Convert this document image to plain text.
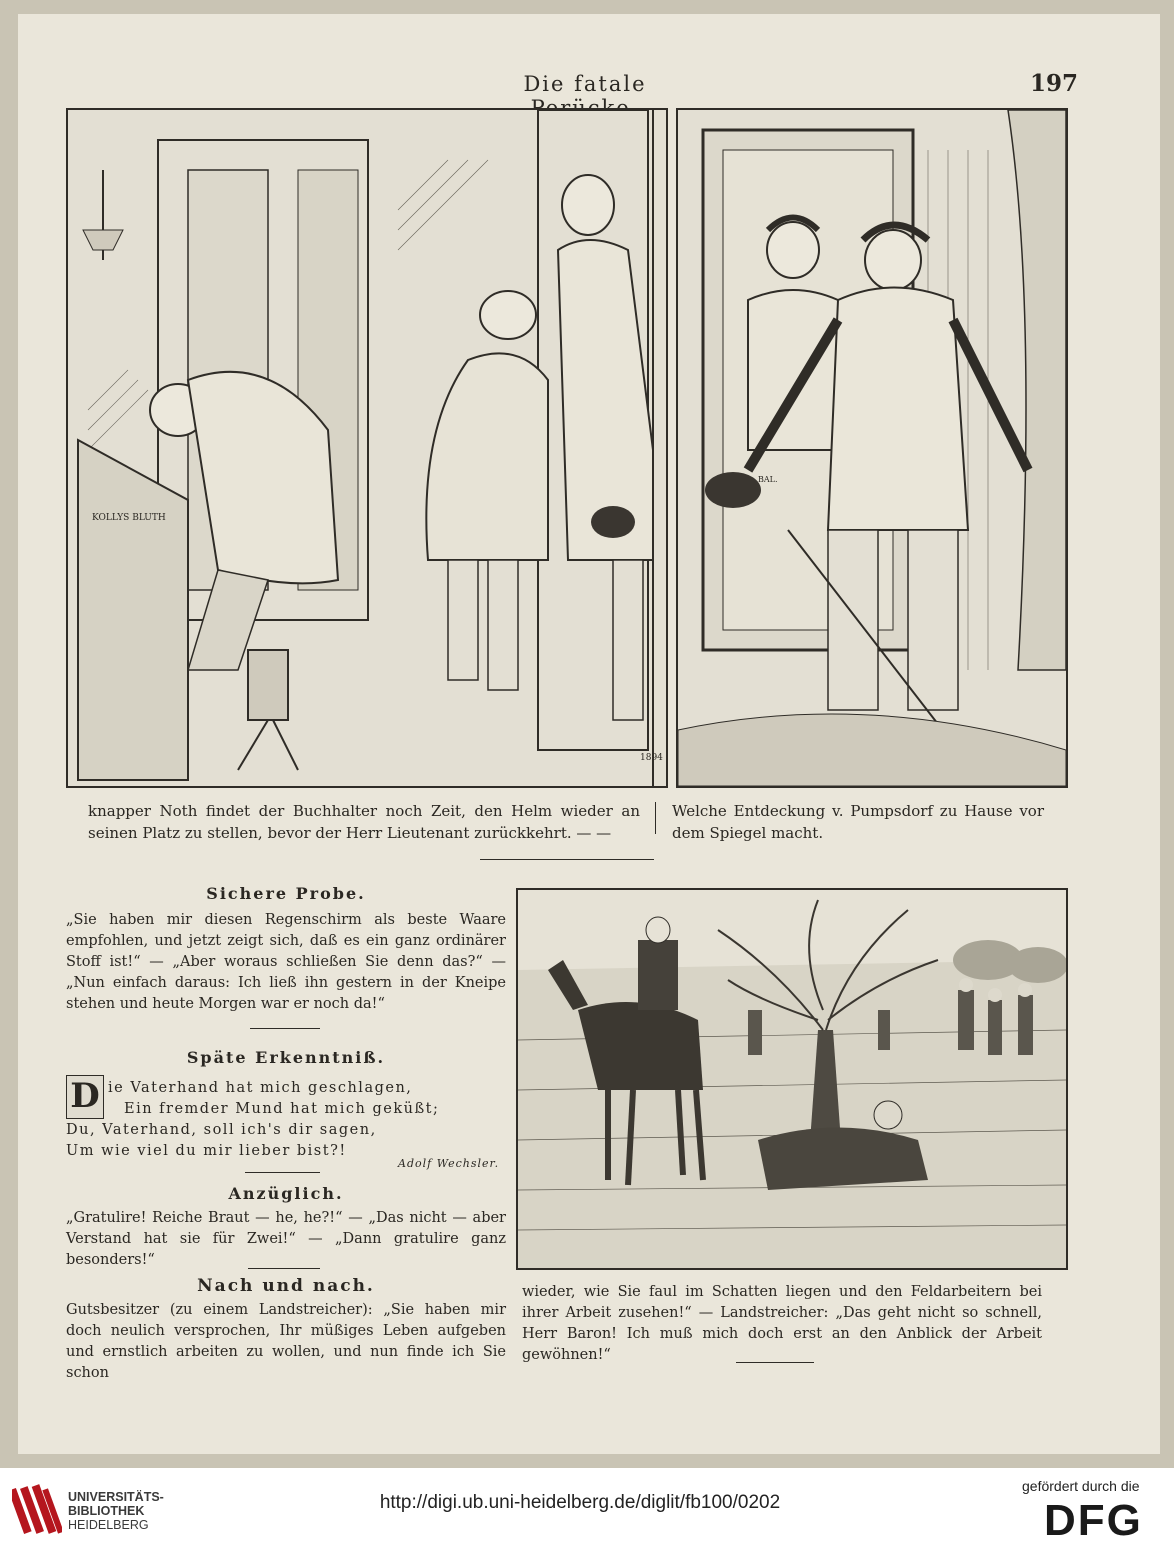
Die fatale	197
KOLLYS BLUTH
1894
BAL.
knapper Noth findet der Buchhalter noch Zeit, den Helm wieder an seinen Platz zu stellen, bevor der Herr Lieutenant zurückkehrt. — —
Welche Entdeckung v. Pumpsdorf zu Hause vor dem Spiegel macht.
Sichere Probe.
„Sie haben mir diesen Regenschirm als beste Waare empfohlen, und jetzt zeigt sich, daß es ein ganz ordinärer Stoff ist!“ — „Aber woraus schließen Sie denn das?“ — „Nun einfach daraus: Ich ließ ihn gestern in der Kneipe stehen und heute Morgen war er noch da!“
Späte Erkenntniß.
D ie Vaterhand hat mich geschlagen,
Ein fremder Mund hat mich geküßt;
Du, Vaterhand, soll ich's dir sagen,
Um wie viel du mir lieber bist?!
Adolf Wechsler.
Anzüglich.
„Gratulire! Reiche Braut — he, he?!“ — „Das nicht — aber Verstand hat sie für Zwei!“ — „Dann gratulire ganz besonders!“
Nach und nach.
Gutsbesitzer (zu einem Landstreicher): „Sie haben mir doch neulich versprochen, Ihr müßiges Leben aufgeben und ernstlich arbeiten zu wollen, und nun finde ich Sie schon
wieder, wie Sie faul im Schatten liegen und den Feldarbeitern bei ihrer Arbeit zusehen!“ — Landstreicher: „Das geht nicht so schnell, Herr Baron! Ich muß mich doch erst an den Anblick der Arbeit gewöhnen!“
UNIVERSITÄTS-
BIBLIOTHEK
HEIDELBERG
http://digi.ub.uni-heidelberg.de/diglit/fb100/0202
gefördert durch die
DFG
